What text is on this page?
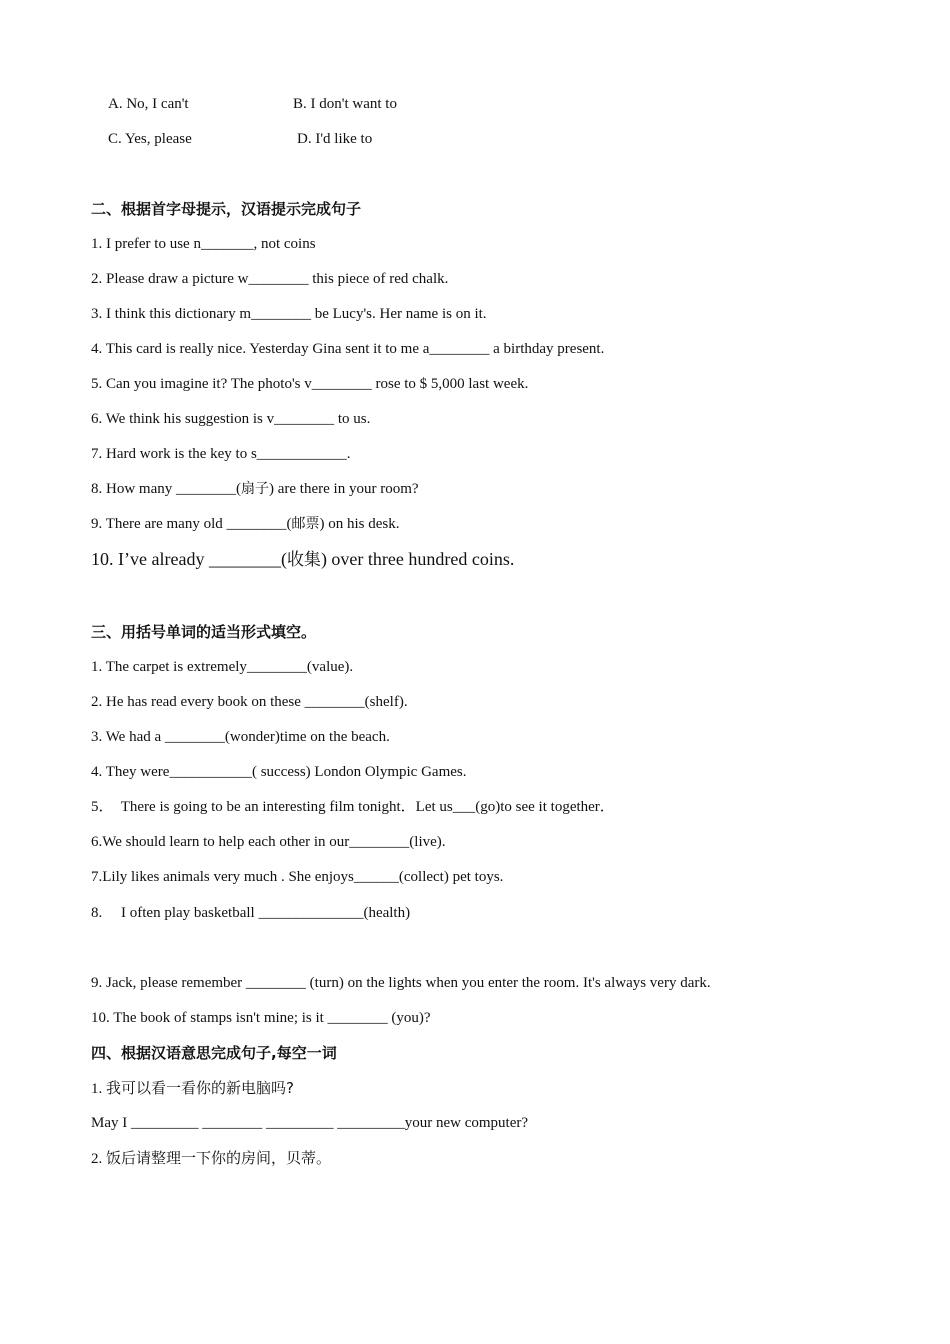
A. No, I can't	B. I don't want to
C. Yes, please	D. I'd like to
二、根据首字母提示，汉语提示完成句子
1. I prefer to use n_______, not coins
2. Please draw a picture w________ this piece of red chalk.
3. I think this dictionary m________ be Lucy's. Her name is on it.
4. This card is really nice. Yesterday Gina sent it to me a________ a birthday present.
5. Can you imagine it? The photo's v________ rose to $ 5,000 last week.
6. We think his suggestion is v________ to us.
7. Hard work is the key to s____________.
8. How many ________(扇子) are there in your room?
9. There are many old ________(邮票) on his desk.
10. I’ve already ________(收集) over three hundred coins.
三、用括号单词的适当形式填空。
1. The carpet is extremely________(value).
2. He has read every book on these ________(shelf).
3. We had a ________(wonder)time on the beach.
4. They were___________( success) London Olympic Games.
5．  There is going to be an interesting film tonight．Let us___(go)to see it together．
6.We should learn to help each other in our________(live).
7.Lily likes animals very much . She enjoys______(collect) pet toys.
8.     I often play basketball ______________(health)
9. Jack, please remember ________ (turn) on the lights when you enter the room. It's always very dark.
10. The book of stamps isn't mine; is it ________ (you)?
四、根据汉语意思完成句子,每空一词
1. 我可以看一看你的新电脑吗?
May I _________ ________ _________ _________your new computer?
2. 饭后请整理一下你的房间，贝蒂。
